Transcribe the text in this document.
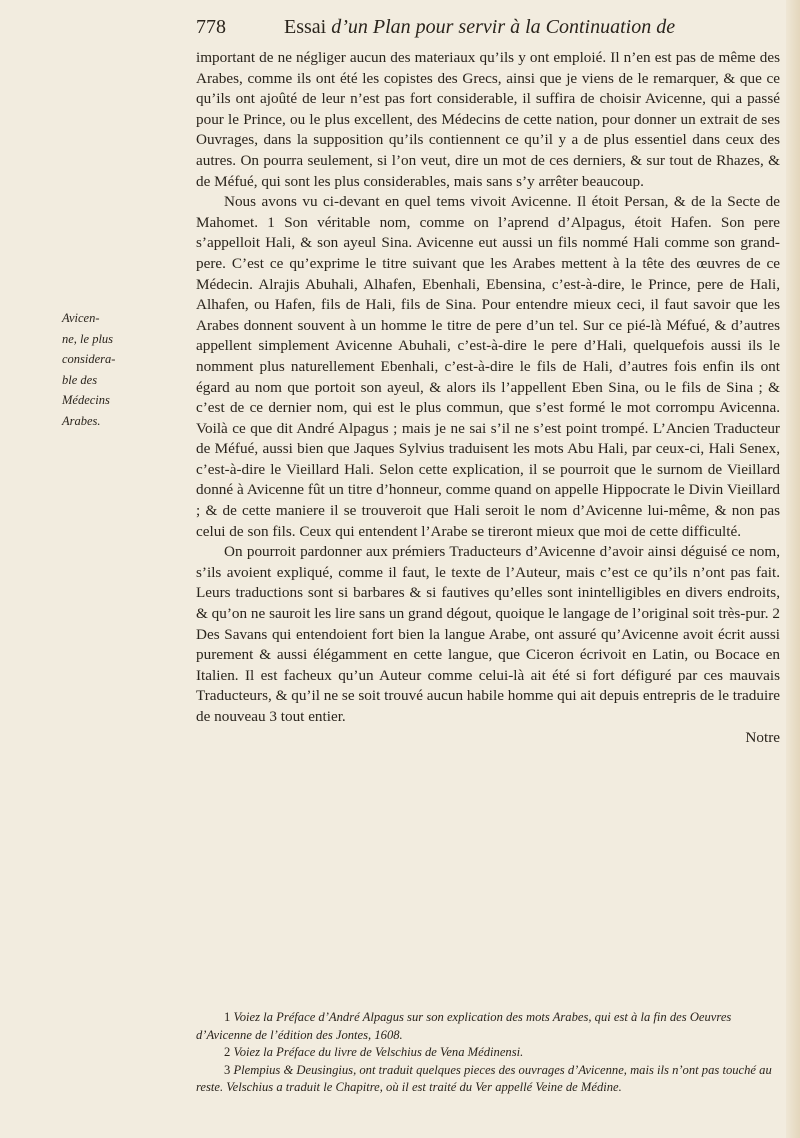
778	Essai d’un Plan pour servir à la Continuation de
Avicen-
ne, le plus
considera-
ble des
Médecins
Arabes.

important de ne négliger aucun des materiaux qu’ils y ont emploié. Il n’en est pas de même des Arabes, comme ils ont été les copistes des Grecs, ainsi que je viens de le remarquer, & que ce qu’ils ont ajoûté de leur n’est pas fort considerable, il suffira de choisir Avicenne, qui a passé pour le Prince, ou le plus excellent, des Médecins de cette nation, pour donner un extrait de ses Ouvrages, dans la supposition qu’ils contiennent ce qu’il y a de plus essentiel dans ceux des autres. On pourra seulement, si l’on veut, dire un mot de ces derniers, & sur tout de Rhazes, & de Méfué, qui sont les plus considerables, mais sans s’y arrêter beaucoup.

Nous avons vu ci-devant en quel tems vivoit Avicenne. Il étoit Persan, & de la Secte de Mahomet. 1 Son véritable nom, comme on l’aprend d’Alpagus, étoit Hafen. Son pere s’appelloit Hali, & son ayeul Sina. Avicenne eut aussi un fils nommé Hali comme son grand-pere. C’est ce qu’exprime le titre suivant que les Arabes mettent à la tête des œuvres de ce Médecin. Alrajis Abuhali, Alhafen, Ebenhali, Ebensina, c’est-à-dire, le Prince, pere de Hali, Alhafen, ou Hafen, fils de Hali, fils de Sina. Pour entendre mieux ceci, il faut savoir que les Arabes donnent souvent à un homme le titre de pere d’un tel. Sur ce pié-là Méfué, & d’autres appellent simplement Avicenne Abuhali, c’est-à-dire le pere d’Hali, quelquefois aussi ils le nomment plus naturellement Ebenhali, c’est-à-dire le fils de Hali, d’autres fois enfin ils ont égard au nom que portoit son ayeul, & alors ils l’appellent Eben Sina, ou le fils de Sina ; & c’est de ce dernier nom, qui est le plus commun, que s’est formé le mot corrompu Avicenna. Voilà ce que dit André Alpagus ; mais je ne sai s’il ne s’est point trompé. L’Ancien Traducteur de Méfué, aussi bien que Jaques Sylvius traduisent les mots Abu Hali, par ceux-ci, Hali Senex, c’est-à-dire le Vieillard Hali. Selon cette explication, il se pourroit que le surnom de Vieillard donné à Avicenne fût un titre d’honneur, comme quand on appelle Hippocrate le Divin Vieillard ; & de cette maniere il se trouveroit que Hali seroit le nom d’Avicenne lui-même, & non pas celui de son fils. Ceux qui entendent l’Arabe se tireront mieux que moi de cette difficulté.

On pourroit pardonner aux prémiers Traducteurs d’Avicenne d’avoir ainsi déguisé ce nom, s’ils avoient expliqué, comme il faut, le texte de l’Auteur, mais c’est ce qu’ils n’ont pas fait. Leurs traductions sont si barbares & si fautives qu’elles sont inintelligibles en divers endroits, & qu’on ne sauroit les lire sans un grand dégout, quoique le langage de l’original soit très-pur. 2 Des Savans qui entendoient fort bien la langue Arabe, ont assuré qu’Avicenne avoit écrit aussi purement & aussi élégamment en cette langue, que Ciceron écrivoit en Latin, ou Bocace en Italien. Il est facheux qu’un Auteur comme celui-là ait été si fort défiguré par ces mauvais Traducteurs, & qu’il ne se soit trouvé aucun habile homme qui ait depuis entrepris de le traduire de nouveau 3 tout entier.

Notre

1 Voiez la Préface d’André Alpagus sur son explication des mots Arabes, qui est à la fin des Oeuvres d’Avicenne de l’édition des Jontes, 1608.

2 Voiez la Préface du livre de Velschius de Vena Médinensi.

3 Plempius & Deusingius, ont traduit quelques pieces des ouvrages d’Avicenne, mais ils n’ont pas touché au reste. Velschius a traduit le Chapitre, où il est traité du Ver appellé Veine de Médine.
